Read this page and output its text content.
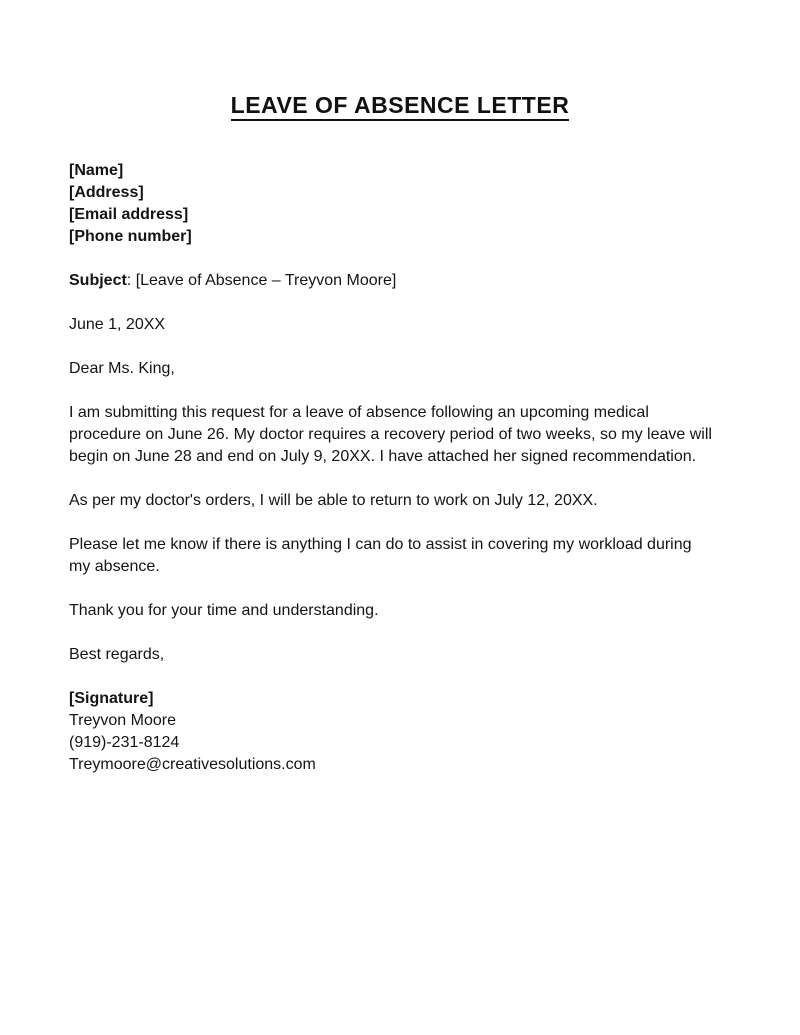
LEAVE OF ABSENCE LETTER
[Name]
[Address]
[Email address]
[Phone number]

Subject: [Leave of Absence – Treyvon Moore]

June 1, 20XX

Dear Ms. King,

I am submitting this request for a leave of absence following an upcoming medical procedure on June 26. My doctor requires a recovery period of two weeks, so my leave will begin on June 28 and end on July 9, 20XX. I have attached her signed recommendation.

As per my doctor's orders, I will be able to return to work on July 12, 20XX.

Please let me know if there is anything I can do to assist in covering my workload during my absence.

Thank you for your time and understanding.

Best regards,

[Signature]
Treyvon Moore
(919)-231-8124
Treymoore@creativesolutions.com
